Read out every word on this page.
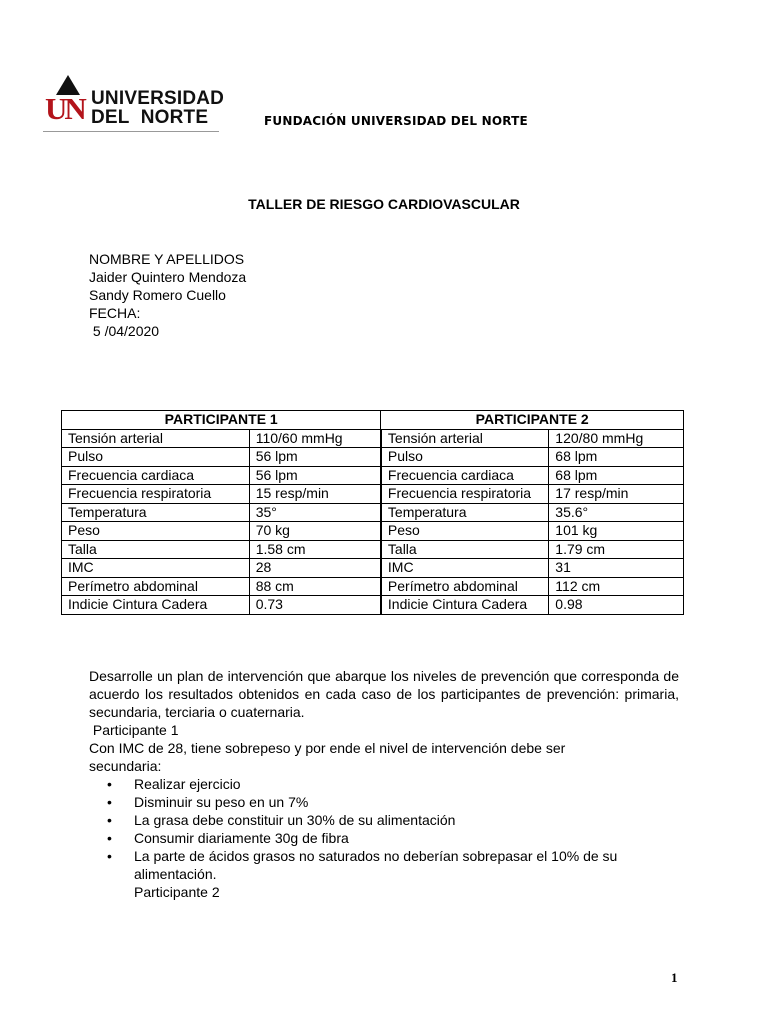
UN UNIVERSIDAD
DEL NORTE	FUNDACIÓN UNIVERSIDAD DEL NORTE
TALLER DE RIESGO CARDIOVASCULAR
NOMBRE Y APELLIDOS
Jaider Quintero Mendoza
Sandy Romero Cuello
FECHA:
5 /04/2020
PARTICIPANTE 1		PARTICIPANTE 2	
Tensión arterial	110/60 mmHg	Tensión arterial	120/80 mmHg
Pulso	56 lpm	Pulso	68 lpm
Frecuencia cardiaca	56 lpm	Frecuencia cardiaca	68 lpm
Frecuencia respiratoria	15 resp/min	Frecuencia respiratoria	17 resp/min
Temperatura	35°	Temperatura	35.6°
Peso	70 kg	Peso	101 kg
Talla	1.58 cm	Talla	1.79 cm
IMC	28	IMC	31
Perímetro abdominal	88 cm	Perímetro abdominal	112 cm
Indicie Cintura Cadera	0.73	Indicie Cintura Cadera	0.98
Desarrolle un plan de intervención que abarque los niveles de prevención que corresponda de acuerdo los resultados obtenidos en cada caso de los participantes de prevención: primaria, secundaria, terciaria o cuaternaria.
Participante 1
Con IMC de 28, tiene sobrepeso y por ende el nivel de intervención debe ser
secundaria:
• Realizar ejercicio
• Disminuir su peso en un 7%
• La grasa debe constituir un 30% de su alimentación
• Consumir diariamente 30g de fibra
• La parte de ácidos grasos no saturados no deberían sobrepasar el 10% de su alimentación.
Participante 2
1
